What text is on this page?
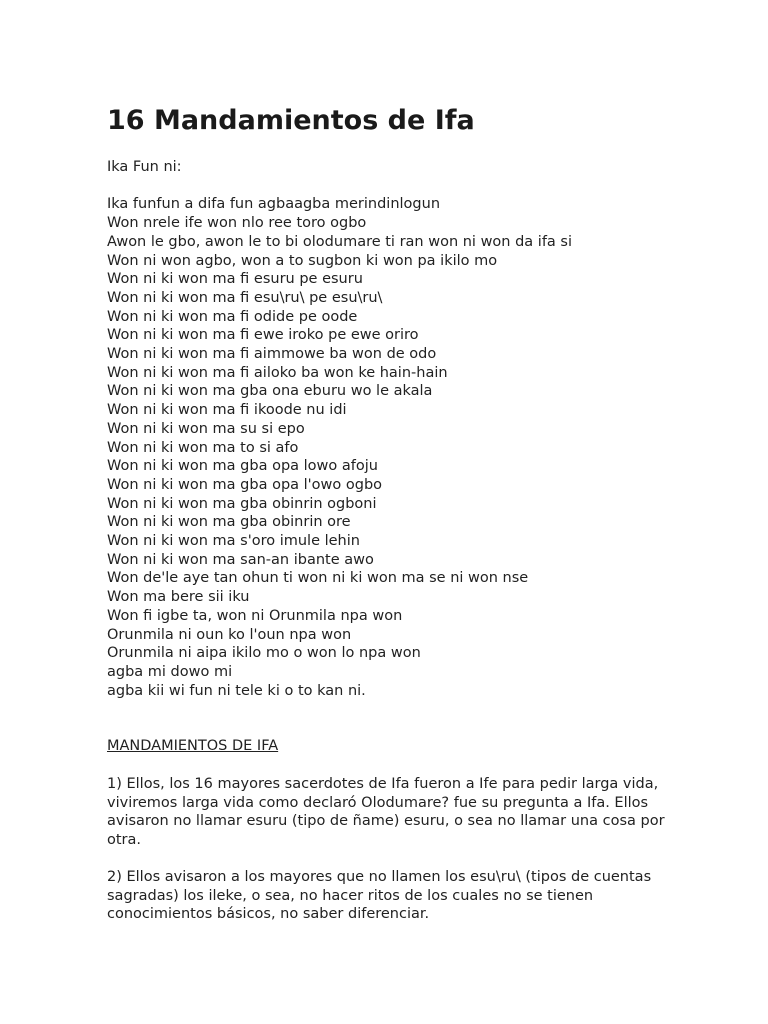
16 Mandamientos de Ifa
Ika Fun ni:
Ika funfun a difa fun agbaagba merindinlogun
Won nrele ife won nlo ree toro ogbo
Awon le gbo, awon le to bi olodumare ti ran won ni won da ifa si
Won ni won agbo, won a to sugbon ki won pa ikilo mo
Won ni ki won ma fi esuru pe esuru
Won ni ki won ma fi esu\ru\ pe esu\ru\
Won ni ki won ma fi odide pe oode
Won ni ki won ma fi ewe iroko pe ewe oriro
Won ni ki won ma fi aimmowe ba won de odo
Won ni ki won ma fi ailoko ba won ke hain-hain
Won ni ki won ma gba ona eburu wo le akala
Won ni ki won ma fi ikoode nu idi
Won ni ki won ma su si epo
Won ni ki won ma to si afo
Won ni ki won ma gba opa lowo afoju
Won ni ki won ma gba opa l'owo ogbo
Won ni ki won ma gba obinrin ogboni
Won ni ki won ma gba obinrin ore
Won ni ki won ma s'oro imule lehin
Won ni ki won ma san-an ibante awo
Won de'le aye tan ohun ti won ni ki won ma se ni won nse
Won ma bere sii iku
Won fi igbe ta, won ni Orunmila npa won
Orunmila ni oun ko l'oun npa won
Orunmila ni aipa ikilo mo o won lo npa won
agba mi dowo mi
agba kii wi fun ni tele ki o to kan ni.
MANDAMIENTOS DE IFA
1) Ellos, los 16 mayores sacerdotes de Ifa fueron a Ife para pedir larga vida, viviremos larga vida como declaró Olodumare? fue su pregunta a Ifa. Ellos avisaron no llamar esuru (tipo de ñame) esuru, o sea no llamar una cosa por otra.
2) Ellos avisaron a los mayores que no llamen los esu\ru\ (tipos de cuentas sagradas) los ileke, o sea, no hacer ritos de los cuales no se tienen conocimientos básicos, no saber diferenciar.
